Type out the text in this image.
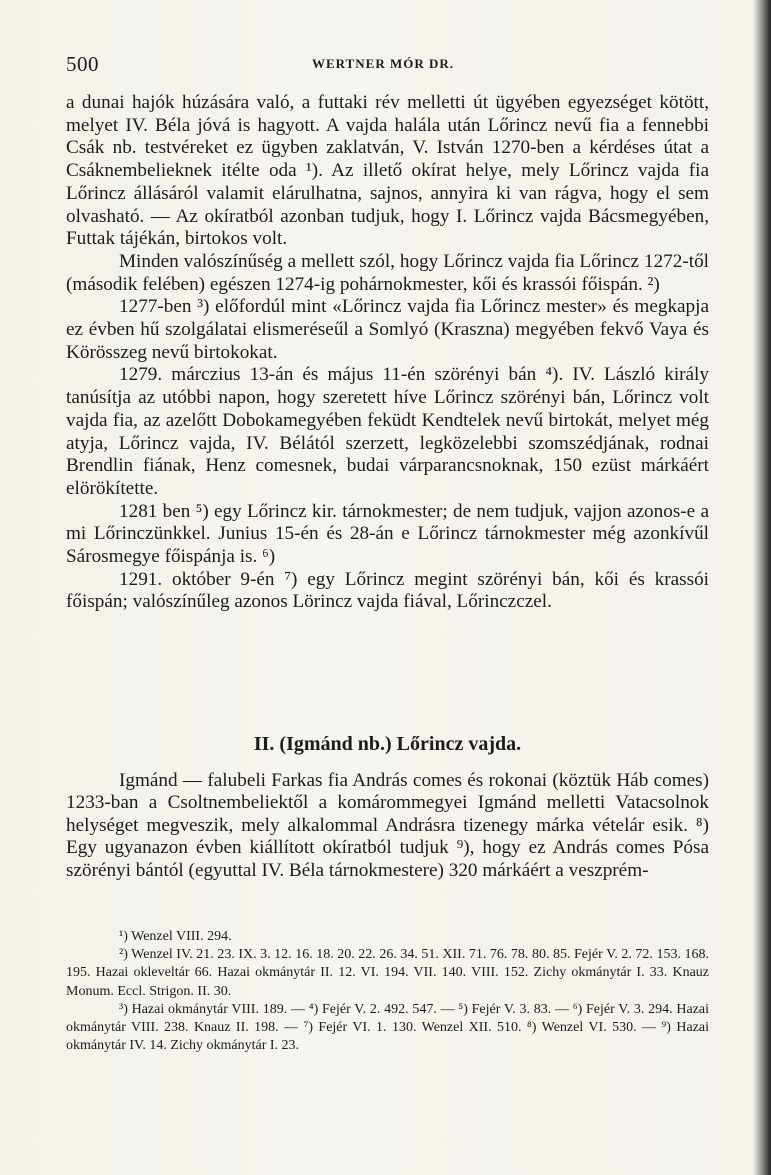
500	WERTNER MÓR DR.

a dunai hajók húzására való, a futtaki rév melletti út ügyében egyezséget kötött, melyet IV. Béla jóvá is hagyott. A vajda halála után Lőrincz nevű fia a fennebbi Csák nb. testvéreket ez ügyben zaklatván, V. István 1270-ben a kérdéses útat a Csáknembelieknek itélte oda ¹). Az illető okírat helye, mely Lőrincz vajda fia Lőrincz állásáról valamit elárulhatna, sajnos, annyira ki van rágva, hogy el sem olvasható. — Az okíratból azonban tudjuk, hogy I. Lőrincz vajda Bácsmegyében, Futtak tájékán, birtokos volt.

Minden valószínűség a mellett szól, hogy Lőrincz vajda fia Lőrincz 1272-től (második felében) egészen 1274-ig pohárnokmester, kői és krassói főispán. ²)

1277-ben ³) előfordúl mint «Lőrincz vajda fia Lőrincz mester» és megkapja ez évben hű szolgálatai elismeréseűl a Somlyó (Kraszna) megyében fekvő Vaya és Körösszeg nevű birtokokat.

1279. márczius 13-án és május 11-én szörényi bán ⁴). IV. László király tanúsítja az utóbbi napon, hogy szeretett híve Lőrincz szörényi bán, Lőrincz volt vajda fia, az azelőtt Dobokamegyében feküdt Kendtelek nevű birtokát, melyet még atyja, Lőrincz vajda, IV. Bélától szerzett, legközelebbi szomszédjának, rodnai Brendlin fiának, Henz comesnek, budai várparancsnoknak, 150 ezüst márkáért elörökítette.

1281 ben ⁵) egy Lőrincz kir. tárnokmester; de nem tudjuk, vajjon azonos-e a mi Lőrinczünkkel. Junius 15-én és 28-án e Lőrincz tárnokmester még azonkívűl Sárosmegye főispánja is. ⁶)

1291. október 9-én ⁷) egy Lőrincz megint szörényi bán, kői és krassói főispán; valószínűleg azonos Lörincz vajda fiával, Lőrinczczel.

II. (Igmánd nb.) Lőrincz vajda.

Igmánd — falubeli Farkas fia András comes és rokonai (köztük Háb comes) 1233-ban a Csoltnembeliektől a komárommegyei Igmánd melletti Vatacsolnok helységet megveszik, mely alkalommal Andrásra tizenegy márka vételár esik. ⁸) Egy ugyanazon évben kiállított okíratból tudjuk ⁹), hogy ez András comes Pósa szörényi bántól (egyuttal IV. Béla tárnokmestere) 320 márkáért a veszprém-

¹) Wenzel VIII. 294.

²) Wenzel IV. 21. 23. IX. 3. 12. 16. 18. 20. 22. 26. 34. 51. XII. 71. 76. 78. 80. 85. Fejér V. 2. 72. 153. 168. 195. Hazai okleveltár 66. Hazai okmánytár II. 12. VI. 194. VII. 140. VIII. 152. Zichy okmánytár I. 33. Knauz Monum. Eccl. Strigon. II. 30.

³) Hazai okmánytár VIII. 189. — ⁴) Fejér V. 2. 492. 547. — ⁵) Fejér V. 3. 83. — ⁶) Fejér V. 3. 294. Hazai okmánytár VIII. 238. Knauz II. 198. — ⁷) Fejér VI. 1. 130. Wenzel XII. 510. ⁸) Wenzel VI. 530. — ⁹) Hazai okmánytár IV. 14. Zichy okmánytár I. 23.
